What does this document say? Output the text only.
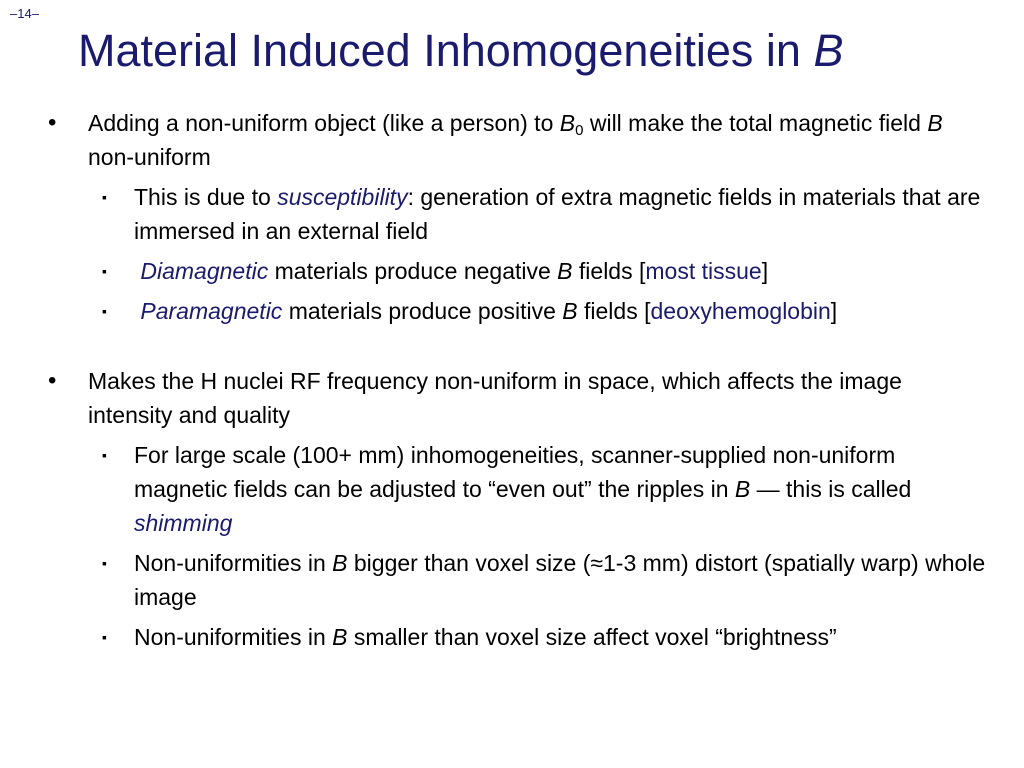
–14–
Material Induced Inhomogeneities in B
• Adding a non-uniform object (like a person) to $B_0$ will make the total magnetic field B non-uniform
▪ This is due to susceptibility: generation of extra magnetic fields in materials that are immersed in an external field
▪ Diamagnetic materials produce negative B fields [most tissue]
▪ Paramagnetic materials produce positive B fields [deoxyhemoglobin]
• Makes the H nuclei RF frequency non-uniform in space, which affects the image intensity and quality
▪ For large scale (100+ mm) inhomogeneities, scanner-supplied non-uniform magnetic fields can be adjusted to “even out” the ripples in B — this is called shimming
▪ Non-uniformities in B bigger than voxel size (≈1-3 mm) distort (spatially warp) whole image
▪ Non-uniformities in B smaller than voxel size affect voxel “brightness”
